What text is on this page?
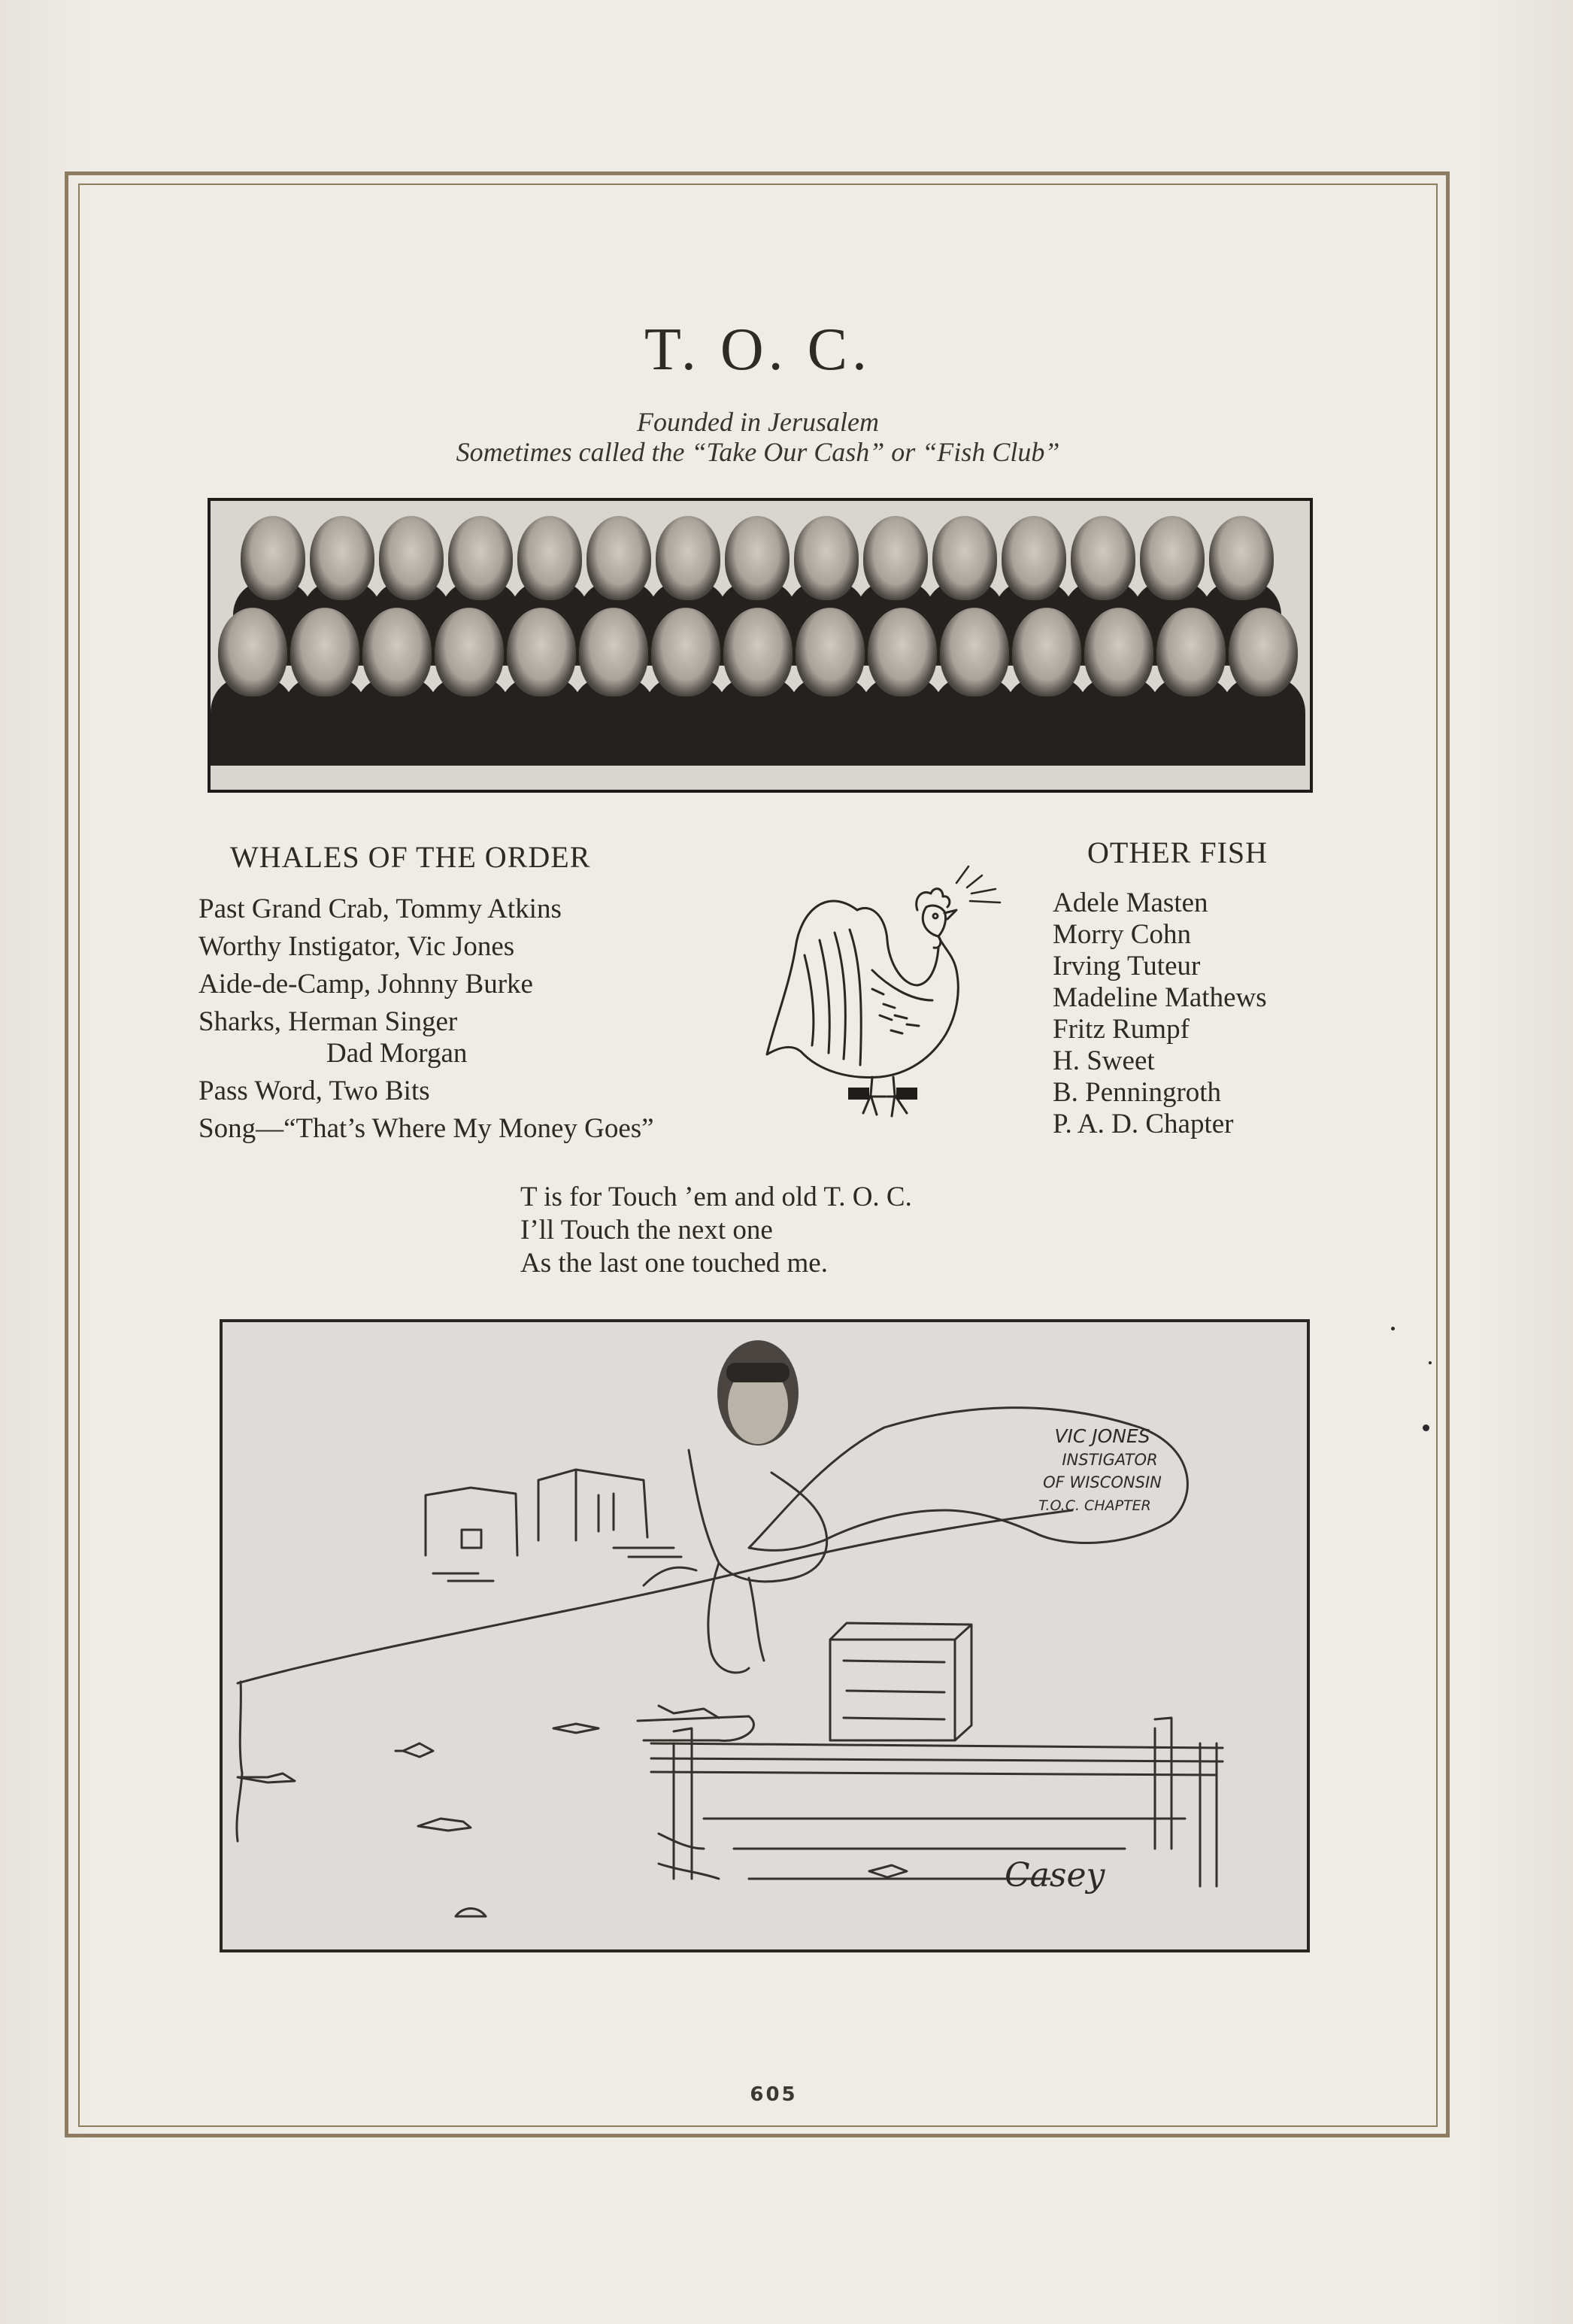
T. O. C.
Founded in Jerusalem
Sometimes called the “Take Our Cash” or “Fish Club”
WHALES OF THE ORDER
Past Grand Crab, Tommy Atkins
Worthy Instigator, Vic Jones
Aide-de-Camp, Johnny Burke
Sharks, Herman Singer
Dad Morgan
Pass Word, Two Bits
Song—“That’s Where My Money Goes”
OTHER FISH
Adele Masten
Morry Cohn
Irving Tuteur
Madeline Mathews
Fritz Rumpf
H. Sweet
B. Penningroth
P. A. D. Chapter
T is for Touch ’em and old T. O. C.
I’ll Touch the next one
As the last one touched me.
VIC JONES
INSTIGATOR
OF WISCONSIN
T.O.C. CHAPTER
Casey
605
